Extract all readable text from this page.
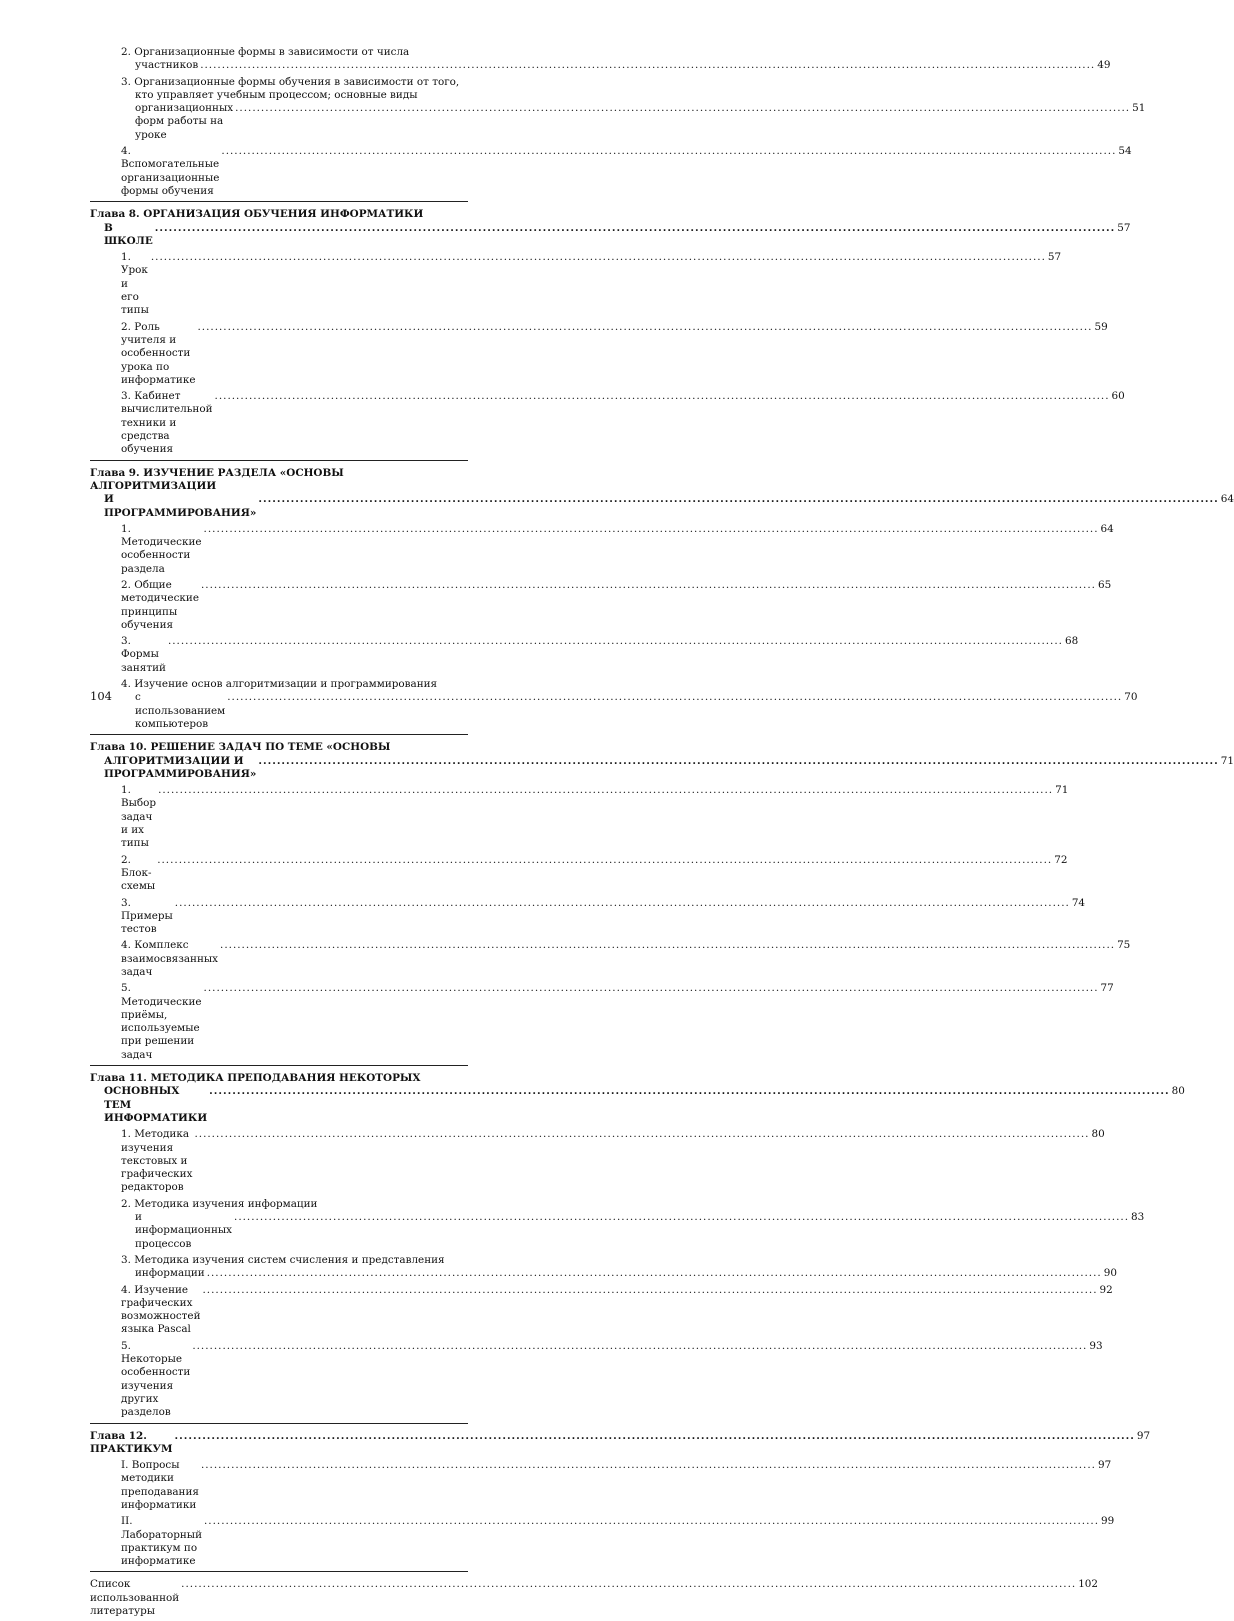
2. Организационные формы в зависимости от числа
участников .....	49
3. Организационные формы обучения в зависимости от того,
кто управляет учебным процессом; основные виды
организационных форм работы на уроке
.....
51
4. Вспомогательные организационные формы обучения
.....
54
Глава 8. ОРГАНИЗАЦИЯ ОБУЧЕНИЯ ИНФОРМАТИКИ
В ШКОЛЕ
.....
57
1. Урок и его типы
.....
57
2. Роль учителя и особенности урока по информатике
.....
59
3. Кабинет вычислительной техники и средства обучения
.....
60
Глава 9. ИЗУЧЕНИЕ РАЗДЕЛА «ОСНОВЫ АЛГОРИТМИЗАЦИИ
И ПРОГРАММИРОВАНИЯ»
.....
64
1. Методические особенности раздела
.....
64
2. Общие методические принципы обучения
.....
65
3. Формы занятий
.....
68
4. Изучение основ алгоритмизации и программирования
с использованием компьютеров
.....
70
Глава 10. РЕШЕНИЕ ЗАДАЧ ПО ТЕМЕ «ОСНОВЫ
АЛГОРИТМИЗАЦИИ И ПРОГРАММИРОВАНИЯ»
.....
71
1. Выбор задач и их типы
.....
71
2. Блок-схемы
.....
72
3. Примеры тестов
.....
74
4. Комплекс взаимосвязанных задач
.....
75
5. Методические приёмы, используемые при решении задач
.....
77
Глава 11. МЕТОДИКА ПРЕПОДАВАНИЯ НЕКОТОРЫХ
ОСНОВНЫХ ТЕМ ИНФОРМАТИКИ
.....
80
1. Методика изучения текстовых и графических редакторов
.....
80
2. Методика изучения информации
и информационных процессов
.....
83
3. Методика изучения систем счисления и представления
информации .....	90
4. Изучение графических возможностей языка Pascal
.....
92
5. Некоторые особенности изучения других разделов
.....
93
Глава 12. ПРАКТИКУМ
.....
97
I. Вопросы методики преподавания информатики
.....
97
II. Лабораторный практикум по информатике
.....
99
Список использованной литературы
.....
102
104
